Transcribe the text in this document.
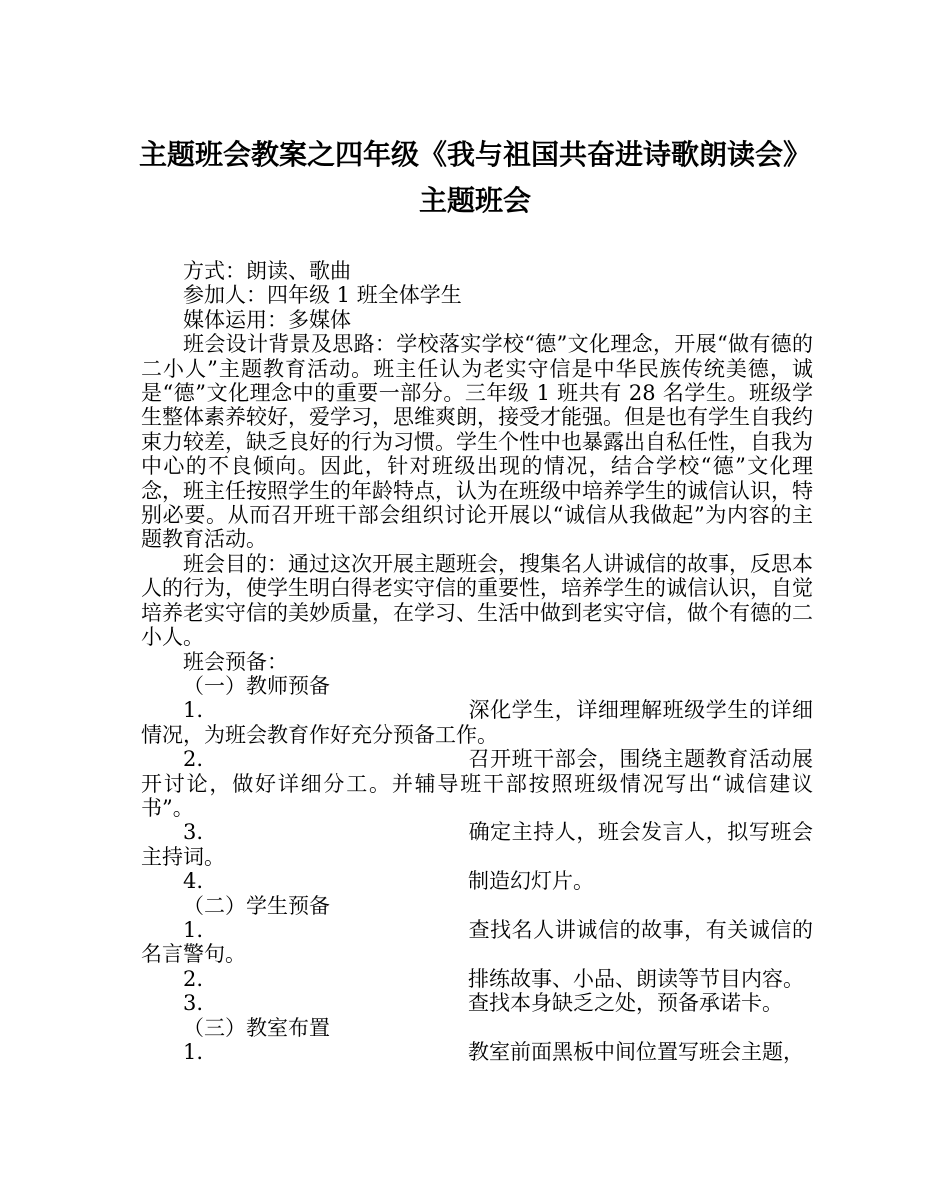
主题班会教案之四年级《我与祖国共奋进诗歌朗读会》
主题班会

方式：朗读、歌曲

参加人：四年级 1 班全体学生

媒体运用：多媒体

班会设计背景及思路：学校落实学校“德”文化理念，开展“做有德的二小人”主题教育活动。班主任认为老实守信是中华民族传统美德，诚是“德”文化理念中的重要一部分。三年级 1 班共有 28 名学生。班级学生整体素养较好，爱学习，思维爽朗，接受才能强。但是也有学生自我约束力较差，缺乏良好的行为习惯。学生个性中也暴露出自私任性，自我为中心的不良倾向。因此，针对班级出现的情况，结合学校“德”文化理念，班主任按照学生的年龄特点，认为在班级中培养学生的诚信认识，特别必要。从而召开班干部会组织讨论开展以“诚信从我做起”为内容的主题教育活动。

班会目的：通过这次开展主题班会，搜集名人讲诚信的故事，反思本人的行为，使学生明白得老实守信的重要性，培养学生的诚信认识，自觉培养老实守信的美妙质量，在学习、生活中做到老实守信，做个有德的二小人。

班会预备：

（一）教师预备

1.	深化学生，详细理解班级学生的详细情况，为班会教育作好充分预备工作。

2.	召开班干部会，围绕主题教育活动展开讨论，做好详细分工。并辅导班干部按照班级情况写出“诚信建议书”。

3.	确定主持人，班会发言人，拟写班会主持词。

4.	制造幻灯片。

（二）学生预备

1.	查找名人讲诚信的故事，有关诚信的名言警句。

2.	排练故事、小品、朗读等节目内容。

3.	查找本身缺乏之处，预备承诺卡。

（三）教室布置

1.	教室前面黑板中间位置写班会主题，
